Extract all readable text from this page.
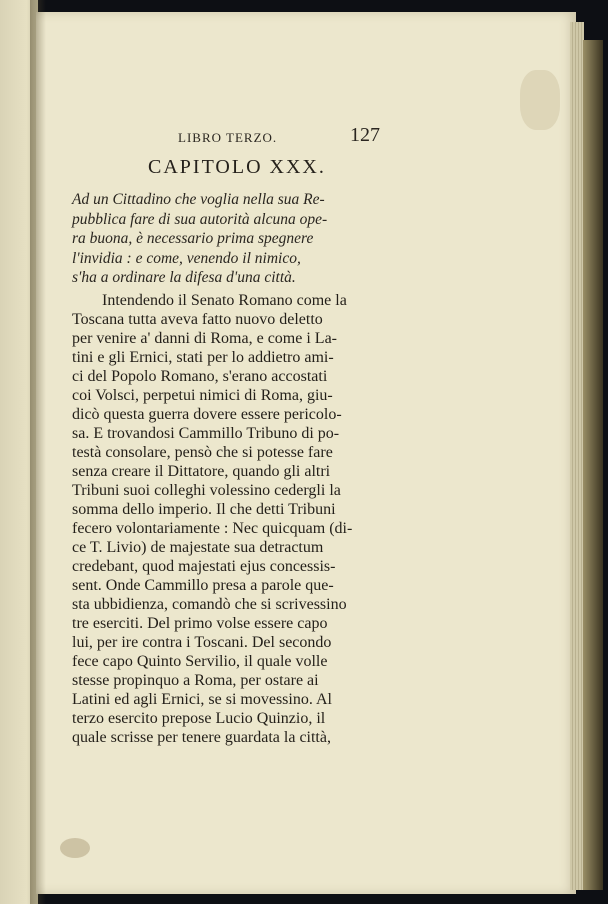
LIBRO TERZO.	127
CAPITOLO XXX.
Ad un Cittadino che voglia nella sua Re-
pubblica fare di sua autorità alcuna ope-
ra buona, è necessario prima spegnere
l'invidia : e come, venendo il nimico,
s'ha a ordinare la difesa d'una città.
Intendendo il Senato Romano come la
Toscana tutta aveva fatto nuovo deletto
per venire a' danni di Roma, e come i La-
tini e gli Ernici, stati per lo addietro ami-
ci del Popolo Romano, s'erano accostati
coi Volsci, perpetui nimici di Roma, giu-
dicò questa guerra dovere essere pericolo-
sa. E trovandosi Cammillo Tribuno di po-
testà consolare, pensò che si potesse fare
senza creare il Dittatore, quando gli altri
Tribuni suoi colleghi volessino cedergli la
somma dello imperio. Il che detti Tribuni
fecero volontariamente : Nec quicquam (di-
ce T. Livio) de majestate sua detractum
credebant, quod majestati ejus concessis-
sent. Onde Cammillo presa a parole que-
sta ubbidienza, comandò che si scrivessino
tre eserciti. Del primo volse essere capo
lui, per ire contra i Toscani. Del secondo
fece capo Quinto Servilio, il quale volle
stesse propinquo a Roma, per ostare ai
Latini ed agli Ernici, se si movessino. Al
terzo esercito prepose Lucio Quinzio, il
quale scrisse per tenere guardata la città,
